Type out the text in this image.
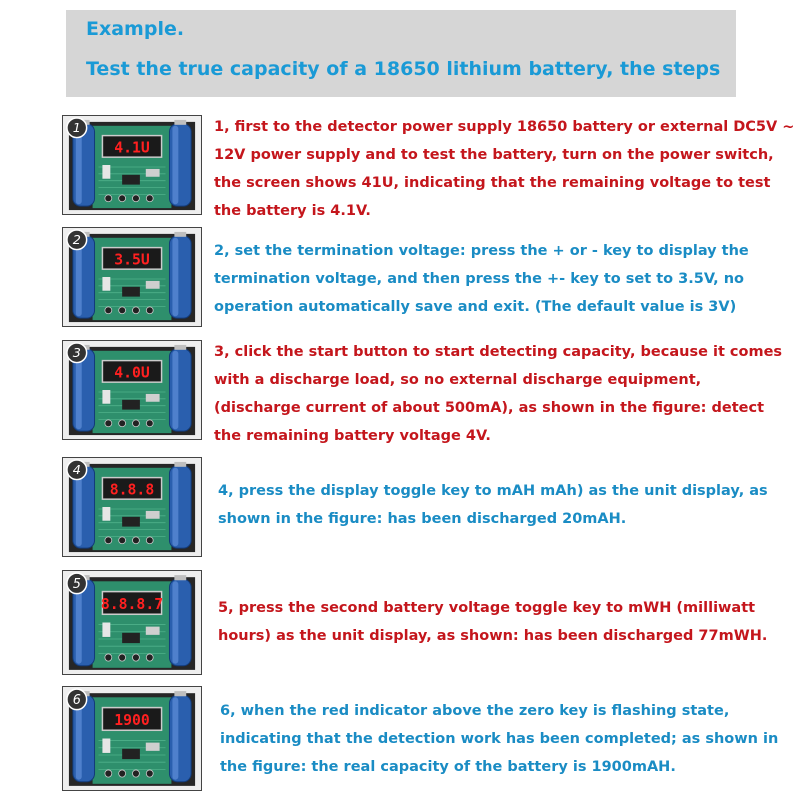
Example.
Test the true capacity of a 18650 lithium battery, the steps
4.1U
1
3.5U
2
4.0U
3
8.8.8
4
8.8.8.7
5
1900
6
1, first to the detector power supply 18650 battery or external DC5V ~
12V power supply and to test the battery, turn on the power switch,
the screen shows 41U, indicating that the remaining voltage to test
the battery is 4.1V.
2, set the termination voltage: press the + or - key to display the
termination voltage, and then press the +- key to set to 3.5V, no
operation automatically save and exit. (The default value is 3V)
3, click the start button to start detecting capacity, because it comes
with a discharge load, so no external discharge equipment,
(discharge current of about 500mA), as shown in the figure: detect
the remaining battery voltage 4V.
4, press the display toggle key to mAH mAh) as the unit display, as
shown in the figure: has been discharged 20mAH.
5, press the second battery voltage toggle key to mWH (milliwatt
hours) as the unit display, as shown: has been discharged 77mWH.
6, when the red indicator above the zero key is flashing state,
indicating that the detection work has been completed; as shown in
the figure: the real capacity of the battery is 1900mAH.
